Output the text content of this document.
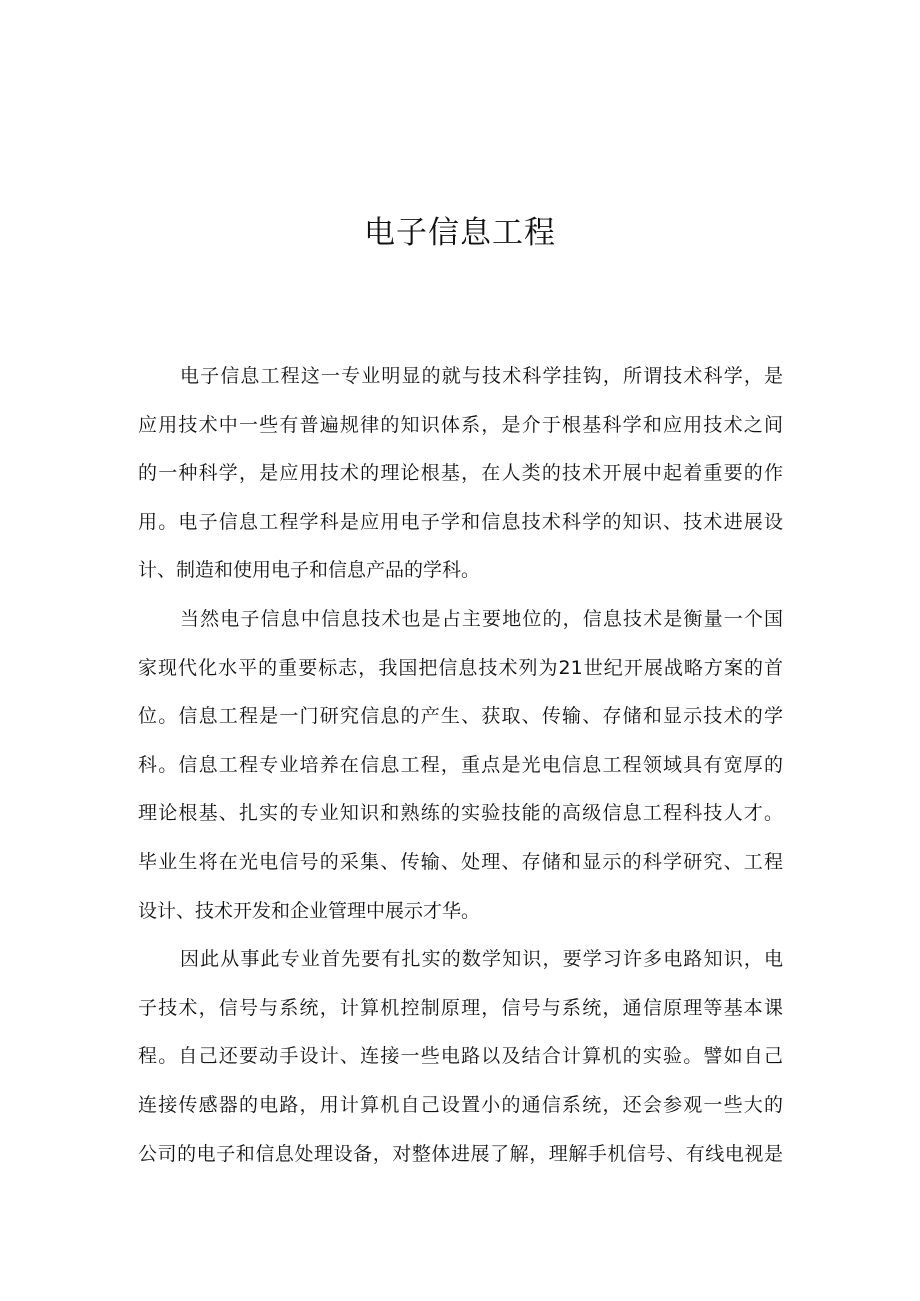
电子信息工程
电子信息工程这一专业明显的就与技术科学挂钩，所谓技术科学，是
应用技术中一些有普遍规律的知识体系，是介于根基科学和应用技术之间
的一种科学，是应用技术的理论根基，在人类的技术开展中起着重要的作
用。电子信息工程学科是应用电子学和信息技术科学的知识、技术进展设
计、制造和使用电子和信息产品的学科。
当然电子信息中信息技术也是占主要地位的，信息技术是衡量一个国
家现代化水平的重要标志，我国把信息技术列为21世纪开展战略方案的首
位。信息工程是一门研究信息的产生、获取、传输、存储和显示技术的学
科。信息工程专业培养在信息工程，重点是光电信息工程领域具有宽厚的
理论根基、扎实的专业知识和熟练的实验技能的高级信息工程科技人才。
毕业生将在光电信号的采集、传输、处理、存储和显示的科学研究、工程
设计、技术开发和企业管理中展示才华。
因此从事此专业首先要有扎实的数学知识，要学习许多电路知识，电
子技术，信号与系统，计算机控制原理，信号与系统，通信原理等基本课
程。自己还要动手设计、连接一些电路以及结合计算机的实验。譬如自己
连接传感器的电路，用计算机自己设置小的通信系统，还会参观一些大的
公司的电子和信息处理设备，对整体进展了解，理解手机信号、有线电视是
